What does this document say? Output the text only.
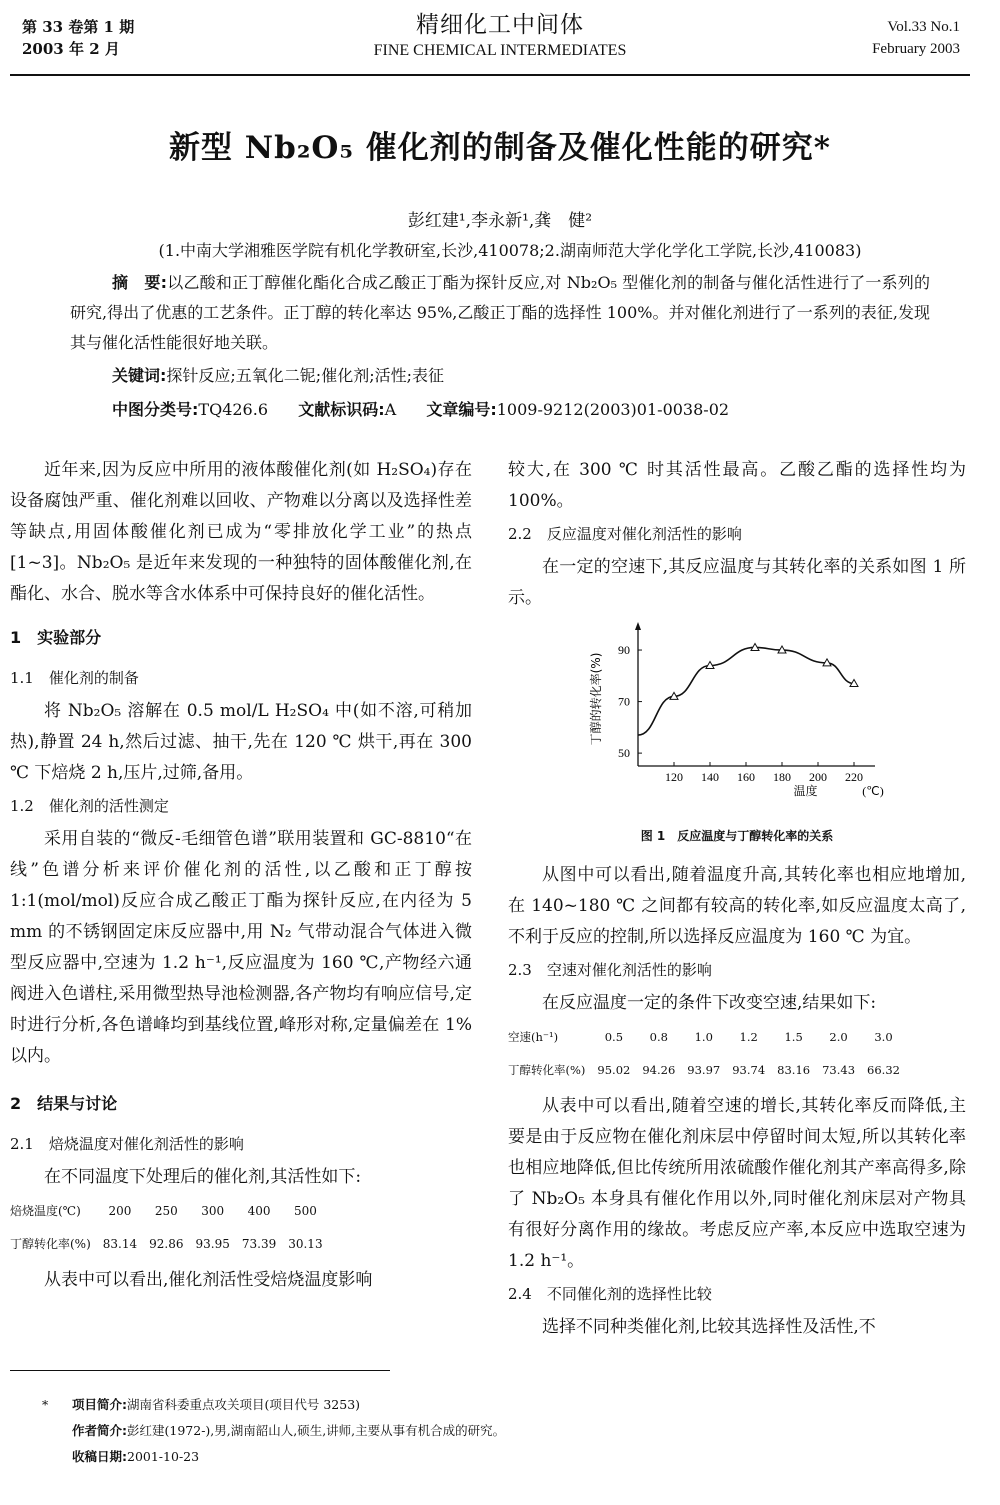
第 33 卷第 1 期
2003 年 2 月
精细化工中间体
FINE CHEMICAL INTERMEDIATES
Vol.33 No.1
February 2003
新型 Nb₂O₅ 催化剂的制备及催化性能的研究*
彭红建¹,李永新¹,龚　健²
(1.中南大学湘雅医学院有机化学教研室,长沙,410078;2.湖南师范大学化学化工学院,长沙,410083)
摘　要:以乙酸和正丁醇催化酯化合成乙酸正丁酯为探针反应,对 Nb₂O₅ 型催化剂的制备与催化活性进行了一系列的研究,得出了优惠的工艺条件。正丁醇的转化率达 95%,乙酸正丁酯的选择性 100%。并对催化剂进行了一系列的表征,发现其与催化活性能很好地关联。
关键词:探针反应;五氧化二铌;催化剂;活性;表征
中图分类号:TQ426.6 文献标识码:A 文章编号:1009-9212(2003)01-0038-02

近年来,因为反应中所用的液体酸催化剂(如 H₂SO₄)存在设备腐蚀严重、催化剂难以回收、产物难以分离以及选择性差等缺点,用固体酸催化剂已成为“零排放化学工业”的热点[1~3]。Nb₂O₅ 是近年来发现的一种独特的固体酸催化剂,在酯化、水合、脱水等含水体系中可保持良好的催化活性。

1　实验部分

1.1　催化剂的制备

将 Nb₂O₅ 溶解在 0.5 mol/L H₂SO₄ 中(如不溶,可稍加热),静置 24 h,然后过滤、抽干,先在 120 ℃ 烘干,再在 300 ℃ 下焙烧 2 h,压片,过筛,备用。

1.2　催化剂的活性测定

采用自装的“微反-毛细管色谱”联用装置和 GC-8810“在线”色谱分析来评价催化剂的活性,以乙酸和正丁醇按 1:1(mol/mol)反应合成乙酸正丁酯为探针反应,在内径为 5 mm 的不锈钢固定床反应器中,用 N₂ 气带动混合气体进入微型反应器中,空速为 1.2 h⁻¹,反应温度为 160 ℃,产物经六通阀进入色谱柱,采用微型热导池检测器,各产物均有响应信号,定时进行分析,各色谱峰均到基线位置,峰形对称,定量偏差在 1% 以内。

2　结果与讨论

2.1　焙烧温度对催化剂活性的影响

在不同温度下处理后的催化剂,其活性如下:

焙烧温度(℃)	200	250	300	400	500
丁醇转化率(%)	83.14	92.86	93.95	73.39	30.13

从表中可以看出,催化剂活性受焙烧温度影响

较大,在 300 ℃ 时其活性最高。乙酸乙酯的选择性均为 100%。

2.2　反应温度对催化剂活性的影响

在一定的空速下,其反应温度与其转化率的关系如图 1 所示。

120 140 160 180 200 220
50
70
90
温度	(℃)
丁醇的转化率(%)
图 1　反应温度与丁醇转化率的关系

从图中可以看出,随着温度升高,其转化率也相应地增加,在 140~180 ℃ 之间都有较高的转化率,如反应温度太高了,不利于反应的控制,所以选择反应温度为 160 ℃ 为宜。

2.3　空速对催化剂活性的影响

在反应温度一定的条件下改变空速,结果如下:

空速(h⁻¹)	0.5	0.8	1.0	1.2	1.5	2.0	3.0
丁醇转化率(%)	95.02	94.26	93.97	93.74	83.16	73.43	66.32

从表中可以看出,随着空速的增长,其转化率反而降低,主要是由于反应物在催化剂床层中停留时间太短,所以其转化率也相应地降低,但比传统所用浓硫酸作催化剂其产率高得多,除了 Nb₂O₅ 本身具有催化作用以外,同时催化剂床层对产物具有很好分离作用的缘故。考虑反应产率,本反应中选取空速为 1.2 h⁻¹。

2.4　不同催化剂的选择性比较

选择不同种类催化剂,比较其选择性及活性,不

* 项目简介:湖南省科委重点攻关项目(项目代号 3253)
作者简介:彭红建(1972-),男,湖南韶山人,硕生,讲师,主要从事有机合成的研究。
收稿日期:2001-10-23
